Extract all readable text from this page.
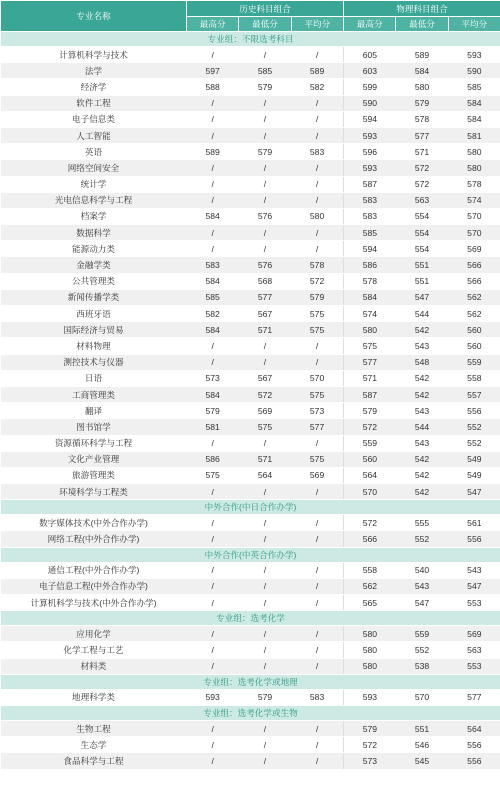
专业名称	历史科目组合			物理科目组合		
	最高分	最低分	平均分	最高分	最低分	平均分
专业组：不限选考科目						
计算机科学与技术	/	/	/	605	589	593
法学	597	585	589	603	584	590
经济学	588	579	582	599	580	585
软件工程	/	/	/	590	579	584
电子信息类	/	/	/	594	578	584
人工智能	/	/	/	593	577	581
英语	589	579	583	596	571	580
网络空间安全	/	/	/	593	572	580
统计学	/	/	/	587	572	578
光电信息科学与工程	/	/	/	583	563	574
档案学	584	576	580	583	554	570
数据科学	/	/	/	585	554	570
能源动力类	/	/	/	594	554	569
金融学类	583	576	578	586	551	566
公共管理类	584	568	572	578	551	566
新闻传播学类	585	577	579	584	547	562
西班牙语	582	567	575	574	544	562
国际经济与贸易	584	571	575	580	542	560
材料物理	/	/	/	575	543	560
测控技术与仪器	/	/	/	577	548	559
日语	573	567	570	571	542	558
工商管理类	584	572	575	587	542	557
翻译	579	569	573	579	543	556
图书馆学	581	575	577	572	544	552
资源循环科学与工程	/	/	/	559	543	552
文化产业管理	586	571	575	560	542	549
旅游管理类	575	564	569	564	542	549
环境科学与工程类	/	/	/	570	542	547
中外合作(中日合作办学)						
数字媒体技术(中外合作办学)	/	/	/	572	555	561
网络工程(中外合作办学)	/	/	/	566	552	556
中外合作(中英合作办学)						
通信工程(中外合作办学)	/	/	/	558	540	543
电子信息工程(中外合作办学)	/	/	/	562	543	547
计算机科学与技术(中外合作办学)	/	/	/	565	547	553
专业组：选考化学						
应用化学	/	/	/	580	559	569
化学工程与工艺	/	/	/	580	552	563
材料类	/	/	/	580	538	553
专业组：选考化学或地理						
地理科学类	593	579	583	593	570	577
专业组：选考化学或生物						
生物工程	/	/	/	579	551	564
生态学	/	/	/	572	546	556
食品科学与工程	/	/	/	573	545	556
